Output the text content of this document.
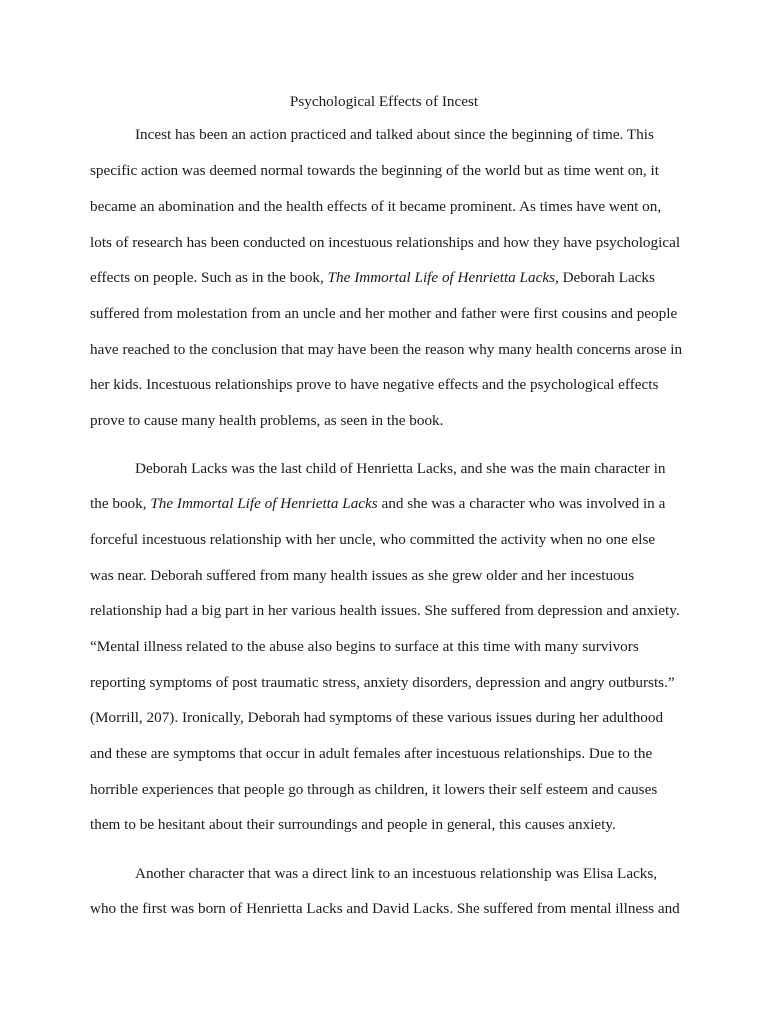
Psychological Effects of Incest
Incest has been an action practiced and talked about since the beginning of time. This
specific action was deemed normal towards the beginning of the world but as time went on, it
became an abomination and the health effects of it became prominent. As times have went on,
lots of research has been conducted on incestuous relationships and how they have psychological
effects on people. Such as in the book, The Immortal Life of Henrietta Lacks, Deborah Lacks
suffered from molestation from an uncle and her mother and father were first cousins and people
have reached to the conclusion that may have been the reason why many health concerns arose in
her kids. Incestuous relationships prove to have negative effects and the psychological effects
prove to cause many health problems, as seen in the book.
Deborah Lacks was the last child of Henrietta Lacks, and she was the main character in
the book, The Immortal Life of Henrietta Lacks and she was a character who was involved in a
forceful incestuous relationship with her uncle, who committed the activity when no one else
was near. Deborah suffered from many health issues as she grew older and her incestuous
relationship had a big part in her various health issues. She suffered from depression and anxiety.
“Mental illness related to the abuse also begins to surface at this time with many survivors
reporting symptoms of post traumatic stress, anxiety disorders, depression and angry outbursts.”
(Morrill, 207). Ironically, Deborah had symptoms of these various issues during her adulthood
and these are symptoms that occur in adult females after incestuous relationships. Due to the
horrible experiences that people go through as children, it lowers their self esteem and causes
them to be hesitant about their surroundings and people in general, this causes anxiety.
Another character that was a direct link to an incestuous relationship was Elisa Lacks,
who the first was born of Henrietta Lacks and David Lacks. She suffered from mental illness and
